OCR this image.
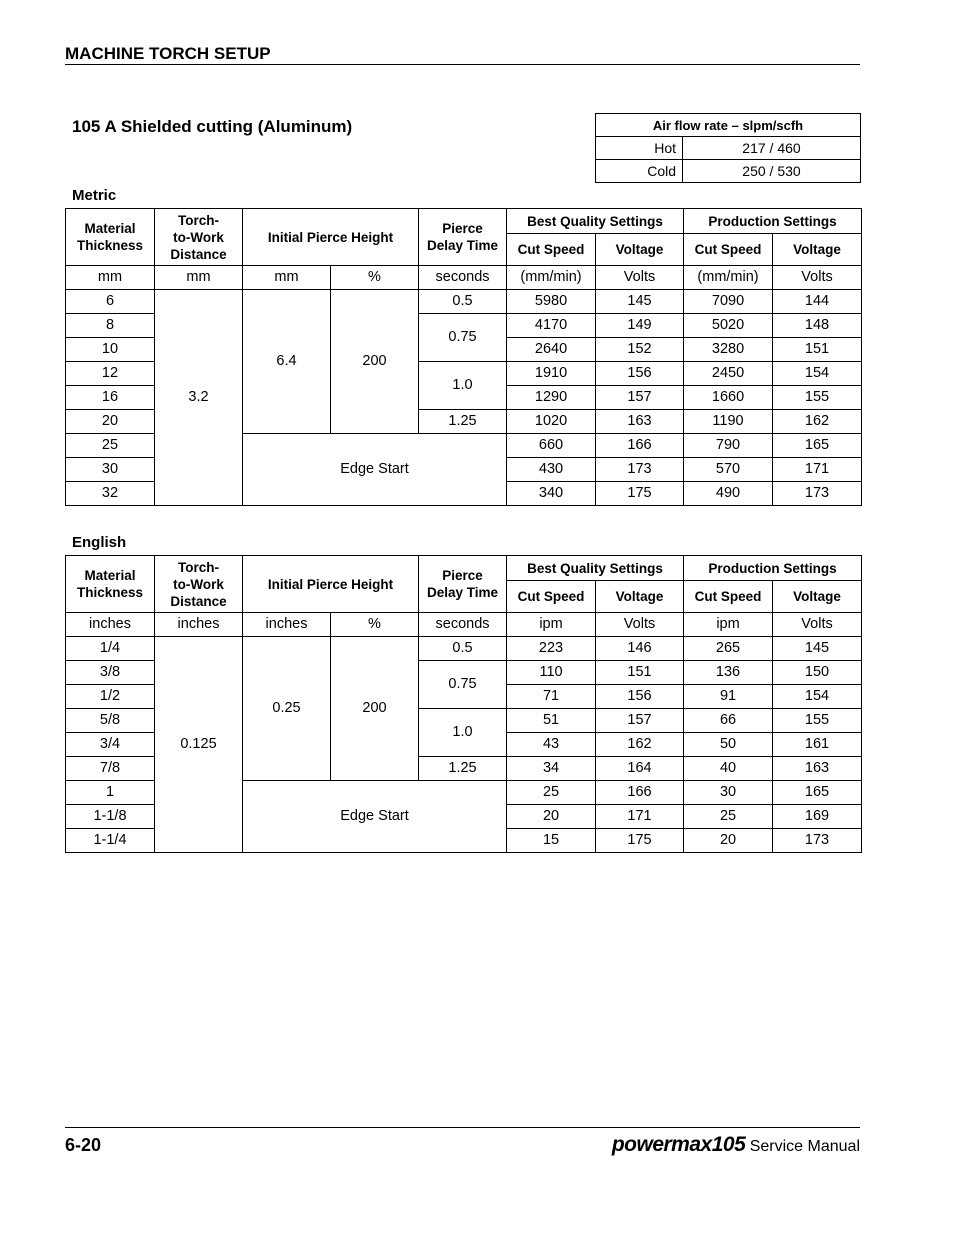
MACHINE TORCH SETUP
105 A Shielded cutting (Aluminum)	Air flow rate – slpm/scfh	
Hot	217 / 460
Cold	250 / 530
Metric
Material Thickness	Torch-
to-Work
Distance	Initial Pierce Height		Pierce Delay Time	Best Quality Settings		Production Settings	
					Cut Speed	Voltage	Cut Speed	Voltage
mm	mm	mm	%	seconds	(mm/min)	Volts	(mm/min)	Volts
6	3.2	6.4	200	0.5	5980	145	7090	144
8				0.75	4170	149	5020	148
10					2640	152	3280	151
12				1.0	1910	156	2450	154
16					1290	157	1660	155
20				1.25	1020	163	1190	162
25		Edge Start			660	166	790	165
30					430	173	570	171
32					340	175	490	173
English
Material Thickness	Torch-
to-Work
Distance	Initial Pierce Height		Pierce Delay Time	Best Quality Settings		Production Settings	
					Cut Speed	Voltage	Cut Speed	Voltage
inches	inches	inches	%	seconds	ipm	Volts	ipm	Volts
1/4	0.125	0.25	200	0.5	223	146	265	145
3/8				0.75	110	151	136	150
1/2					71	156	91	154
5/8				1.0	51	157	66	155
3/4					43	162	50	161
7/8				1.25	34	164	40	163
1		Edge Start			25	166	30	165
1-1/8					20	171	25	169
1-1/4					15	175	20	173
6-20	powermax105 Service Manual
